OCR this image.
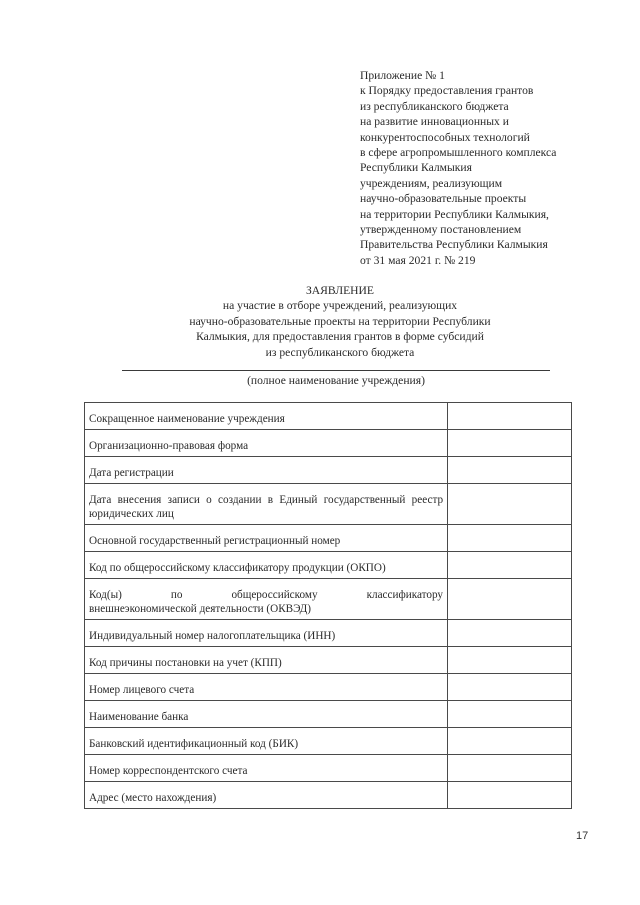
Приложение № 1
к Порядку предоставления грантов
из республиканского бюджета
на развитие инновационных и
конкурентоспособных технологий
в сфере агропромышленного комплекса
Республики Калмыкия
учреждениям, реализующим
научно-образовательные проекты
на территории Республики Калмыкия,
утвержденному постановлением
Правительства Республики Калмыкия
от 31 мая 2021 г. № 219
ЗАЯВЛЕНИЕ
на участие в отборе учреждений, реализующих
научно-образовательные проекты на территории Республики
Калмыкия, для предоставления грантов в форме субсидий
из республиканского бюджета
(полное наименование учреждения)
Сокращенное наименование учреждения	
Организационно-правовая форма	
Дата регистрации	
Дата внесения записи о создании в Единый государственный реестр юридических лиц	
Основной государственный регистрационный номер	
Код по общероссийскому классификатору продукции (ОКПО)	

Код(ы) по общероссийскому классификатору
внешнеэкономической деятельности (ОКВЭД)	

Индивидуальный номер налогоплательщика (ИНН)	
Код причины постановки на учет (КПП)	
Номер лицевого счета	
Наименование банка	
Банковский идентификационный код (БИК)	
Номер корреспондентского счета	
Адрес (место нахождения)	
17
